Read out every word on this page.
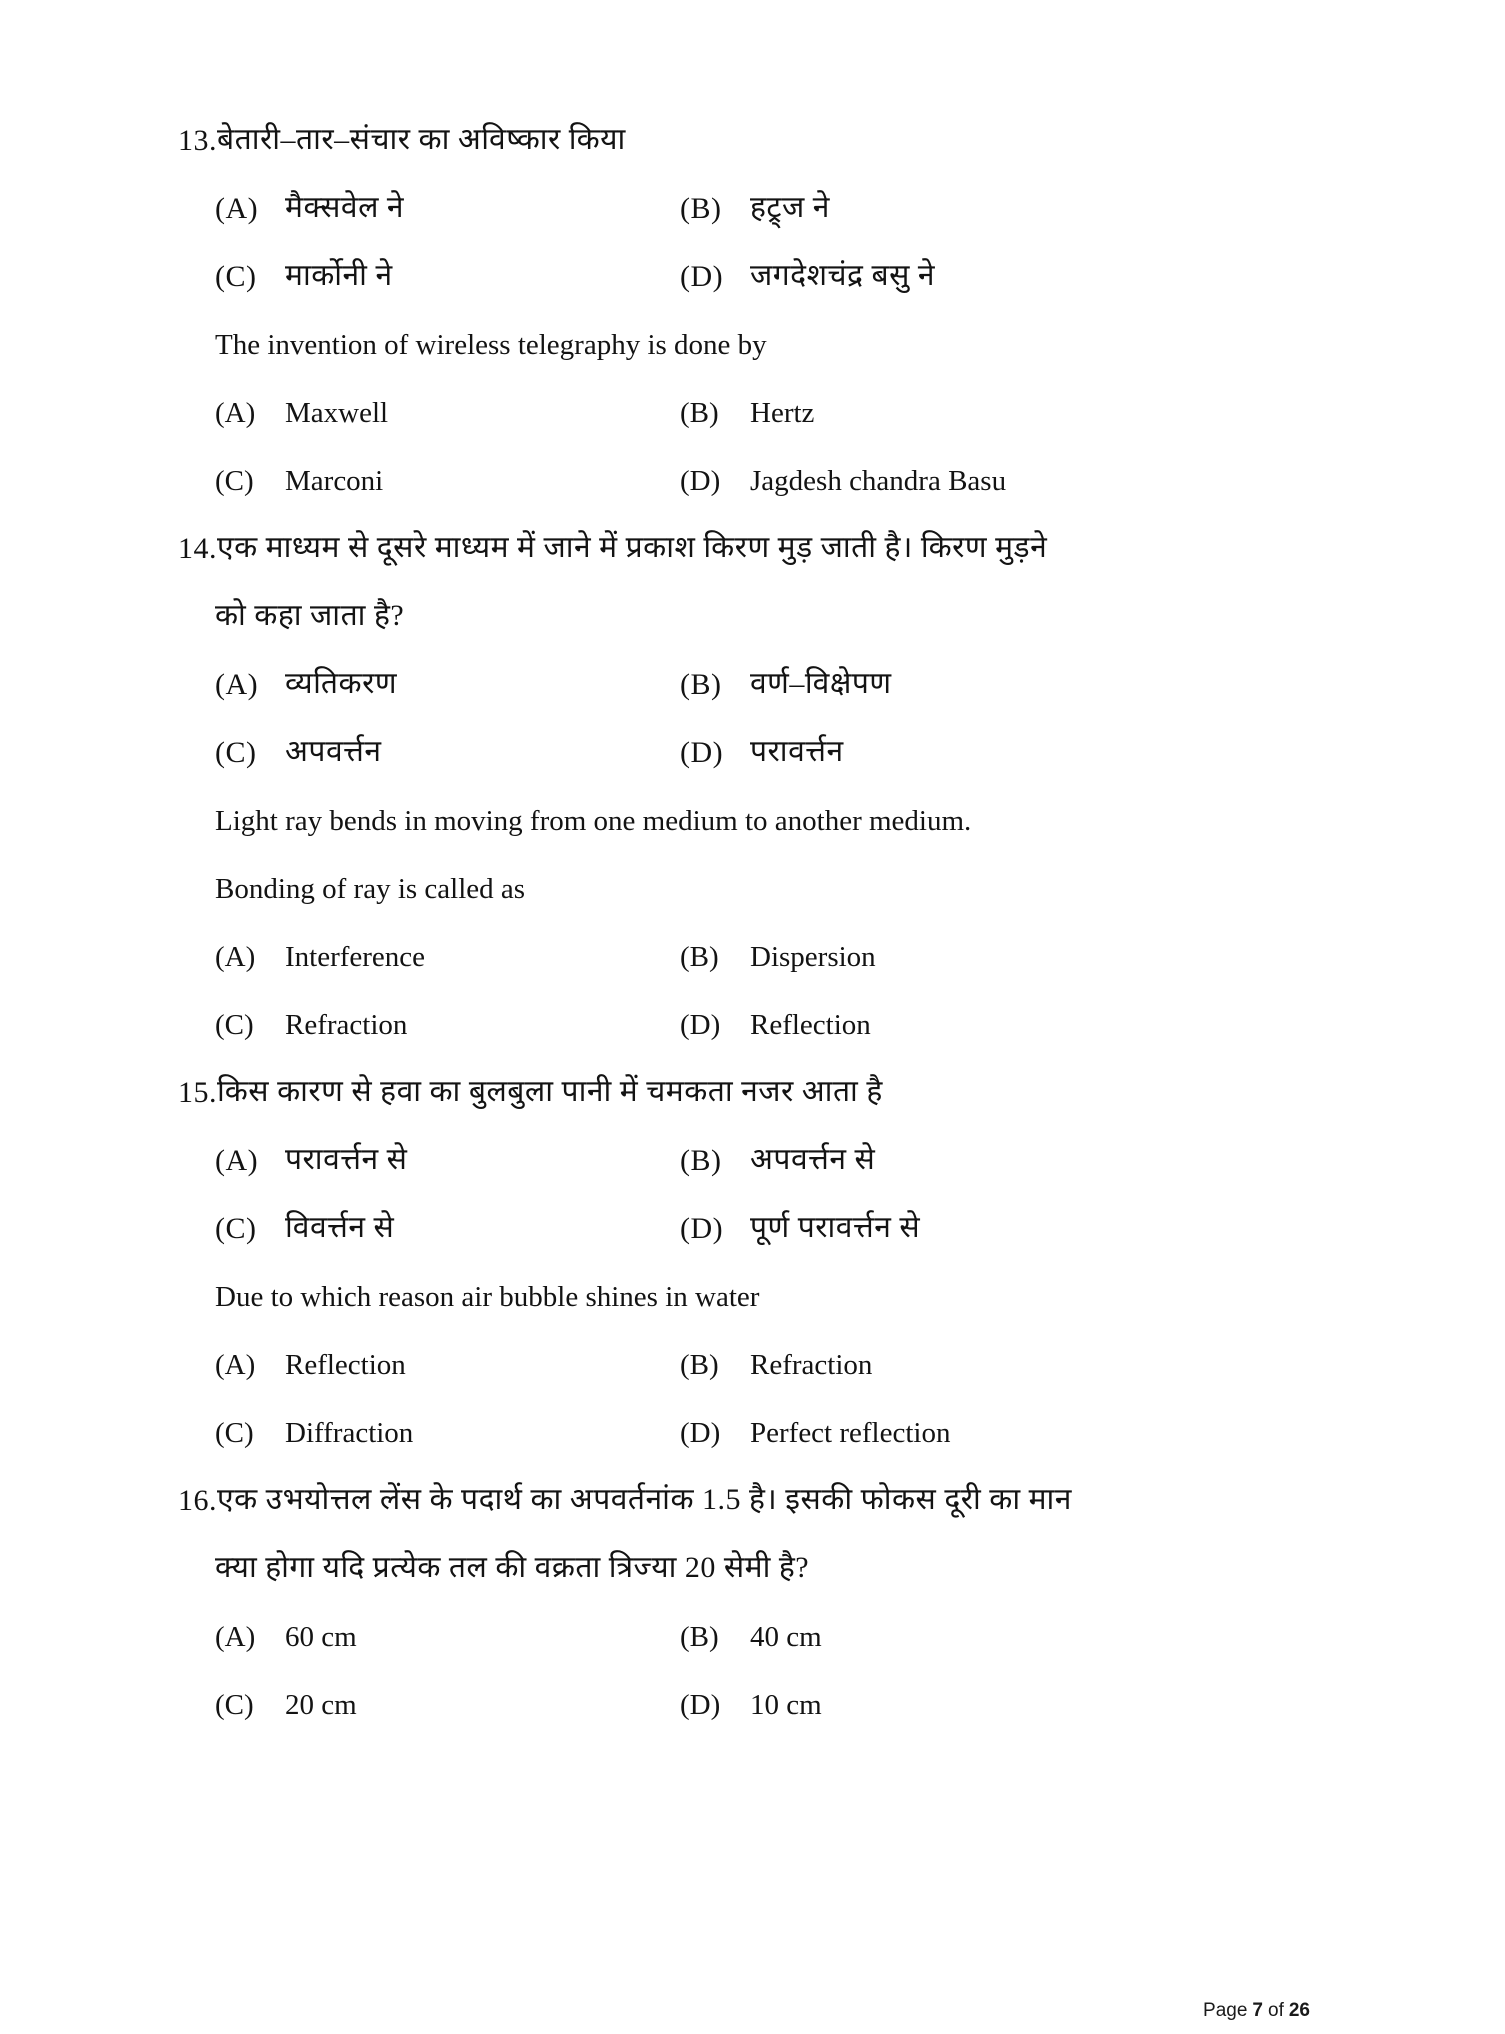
13. बेतारी–तार–संचार का अविष्कार किया
(A) मैक्सवेल ने	(B) हट्र्ज ने
(C) मार्कोनी ने	(D) जगदेशचंद्र बसु ने
The invention of wireless telegraphy is done by
(A)	Maxwell	(B)	Hertz
(C)	Marconi	(D)	Jagdesh chandra Basu
14. एक माध्यम से दूसरे माध्यम में जाने में प्रकाश किरण मुड़ जाती है। किरण मुड़ने
को कहा जाता है?
(A) व्यतिकरण	(B) वर्ण–विक्षेपण
(C) अपवर्त्तन	(D) परावर्त्तन
Light ray bends in moving from one medium to another medium.
Bonding of ray is called as
(A)	Interference	(B)	Dispersion
(C)	Refraction	(D)	Reflection
15. किस कारण से हवा का बुलबुला पानी में चमकता नजर आता है
(A) परावर्त्तन से	(B) अपवर्त्तन से
(C) विवर्त्तन से	(D) पूर्ण परावर्त्तन से
Due to which reason air bubble shines in water
(A)	Reflection	(B)	Refraction
(C)	Diffraction	(D)	Perfect reflection
16. एक उभयोत्तल लेंस के पदार्थ का अपवर्तनांक 1.5 है। इसकी फोकस दूरी का मान
क्या होगा यदि प्रत्येक तल की वक्रता त्रिज्या 20 सेमी है?
(A)	60 cm	(B)	40 cm
(C)	20 cm	(D)	10 cm
Page 7 of 26
